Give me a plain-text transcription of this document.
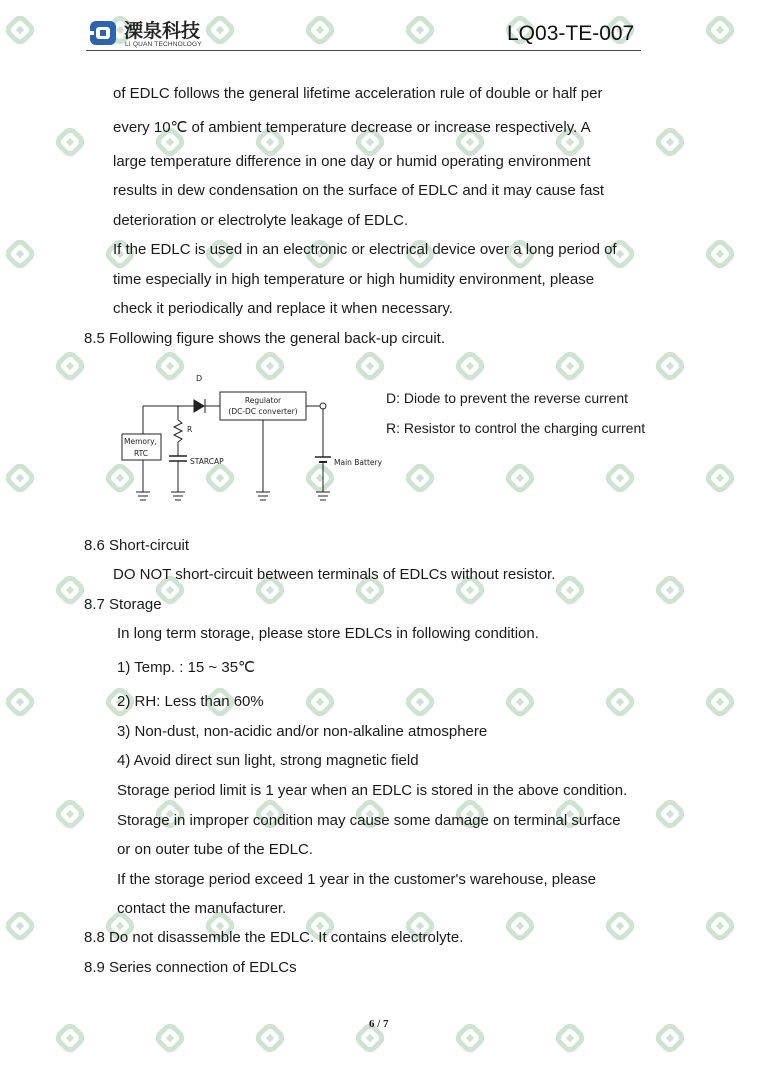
溧泉科技
LI QUAN TECHNOLOGY	LQ03-TE-007
of EDLC follows the general lifetime acceleration rule of double or half per
every 10℃ of ambient temperature decrease or increase respectively. A
large temperature difference in one day or humid operating environment
results in dew condensation on the surface of EDLC and it may cause fast
deterioration or electrolyte leakage of EDLC.
If the EDLC is used in an electronic or electrical device over a long period of
time especially in high temperature or high humidity environment, please
check it periodically and replace it when necessary.
8.5 Following figure shows the general back-up circuit.
D
Regulator
(DC-DC converter)
Memory,
RTC
R
STARCAP	Main Battery
D: Diode to prevent the reverse current
R: Resistor to control the charging current
8.6 Short-circuit
DO NOT short-circuit between terminals of EDLCs without resistor.
8.7 Storage
In long term storage, please store EDLCs in following condition.
1) Temp. : 15 ~ 35℃
2) RH: Less than 60%
3) Non-dust, non-acidic and/or non-alkaline atmosphere
4) Avoid direct sun light, strong magnetic field
Storage period limit is 1 year when an EDLC is stored in the above condition.
Storage in improper condition may cause some damage on terminal surface
or on outer tube of the EDLC.
If the storage period exceed 1 year in the customer's warehouse, please
contact the manufacturer.
8.8 Do not disassemble the EDLC. It contains electrolyte.
8.9 Series connection of EDLCs
6 / 7
